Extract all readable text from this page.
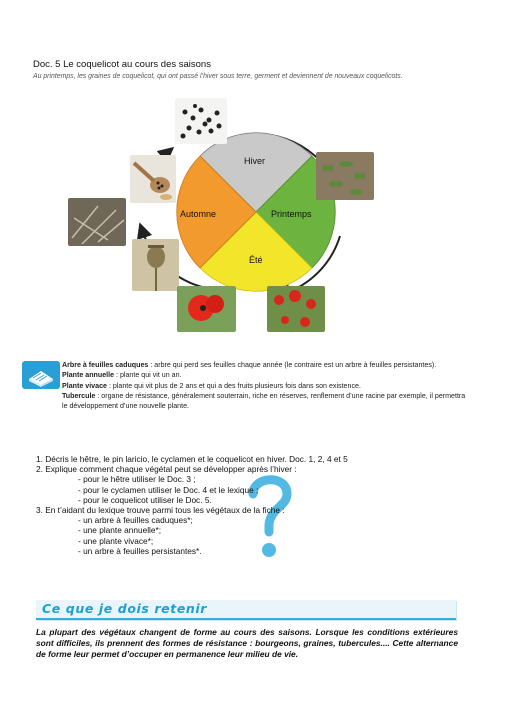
Doc. 5 Le coquelicot au cours des saisons
Au printemps, les graines de coquelicot, qui ont passé l’hiver sous terre, germent et deviennent de nouveaux coquelicots.
Hiver
Printemps
Été
Automne

Arbre à feuilles caduques : arbre qui perd ses feuilles chaque année (le contraire est un arbre à feuilles persistantes).

Plante annuelle : plante qui vit un an.

Plante vivace : plante qui vit plus de 2 ans et qui a des fruits plusieurs fois dans son existence.

Tubercule : organe de résistance, généralement souterrain, riche en réserves, renflement d’une racine par exemple, il permettra le développement d’une nouvelle plante.

1. Décris le hêtre, le pin laricio, le cyclamen et le coquelicot en hiver. Doc. 1, 2, 4 et 5
2. Explique comment chaque végétal peut se développer après l’hiver :
- pour le hêtre utiliser le Doc. 3 ;
- pour le cyclamen utiliser le Doc. 4 et le lexique ;
- pour le coquelicot utiliser le Doc. 5.
3. En t’aidant du lexique trouve parmi tous les végétaux de la fiche :
- un arbre à feuilles caduques*;
- une plante annuelle*;
- une plante vivace*;
- un arbre à feuilles persistantes*.
Ce que je dois retenir
La plupart des végétaux changent de forme au cours des saisons. Lorsque les conditions extérieures sont difficiles, ils prennent des formes de résistance : bourgeons, graines, tubercules.... Cette alternance de forme leur permet d’occuper en permanence leur milieu de vie.
